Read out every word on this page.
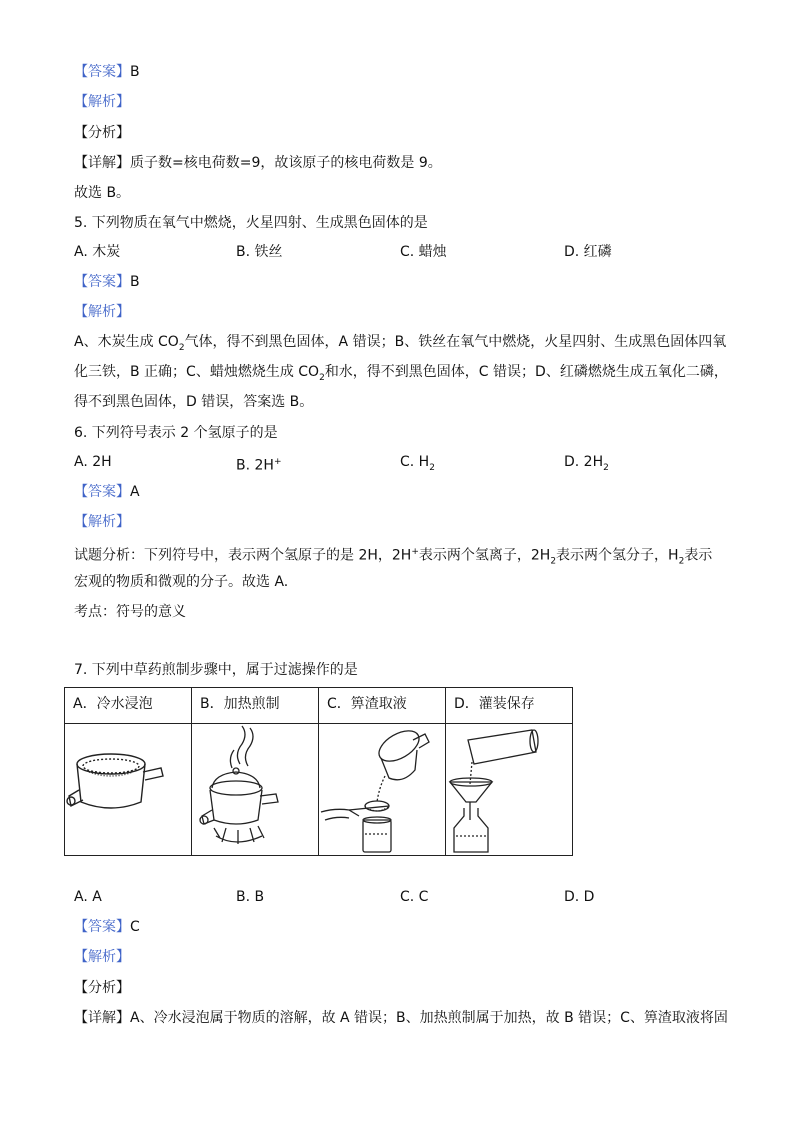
【答案】B
【解析】
【分析】
【详解】质子数=核电荷数=9，故该原子的核电荷数是 9。
故选 B。
5. 下列物质在氧气中燃烧，火星四射、生成黑色固体的是
A. 木炭	B. 铁丝	C. 蜡烛	D. 红磷
【答案】B
【解析】
A、木炭生成 $CO_2$气体，得不到黑色固体，A 错误；B、铁丝在氧气中燃烧，火星四射、生成黑色固体四氧
化三铁，B 正确；C、蜡烛燃烧生成 $CO_2$和水，得不到黑色固体，C 错误；D、红磷燃烧生成五氧化二磷，
得不到黑色固体，D 错误，答案选 B。
6. 下列符号表示 2 个氢原子的是
A. 2H	B. 2H+	C. $H_2$	D. $2H_2$
【答案】A
【解析】
试题分析：下列符号中，表示两个氢原子的是 2H，2H+表示两个氢离子，$2H_2$表示两个氢分子，$H_2$表示
宏观的物质和微观的分子。故选 A.
考点：符号的意义
7. 下列中草药煎制步骤中，属于过滤操作的是
A．冷水浸泡	B．加热煎制	C．箅渣取液	D．灌装保存

A. A	B. B	C. C	D. D
【答案】C
【解析】
【分析】
【详解】A、冷水浸泡属于物质的溶解，故 A 错误；B、加热煎制属于加热，故 B 错误；C、箅渣取液将固
